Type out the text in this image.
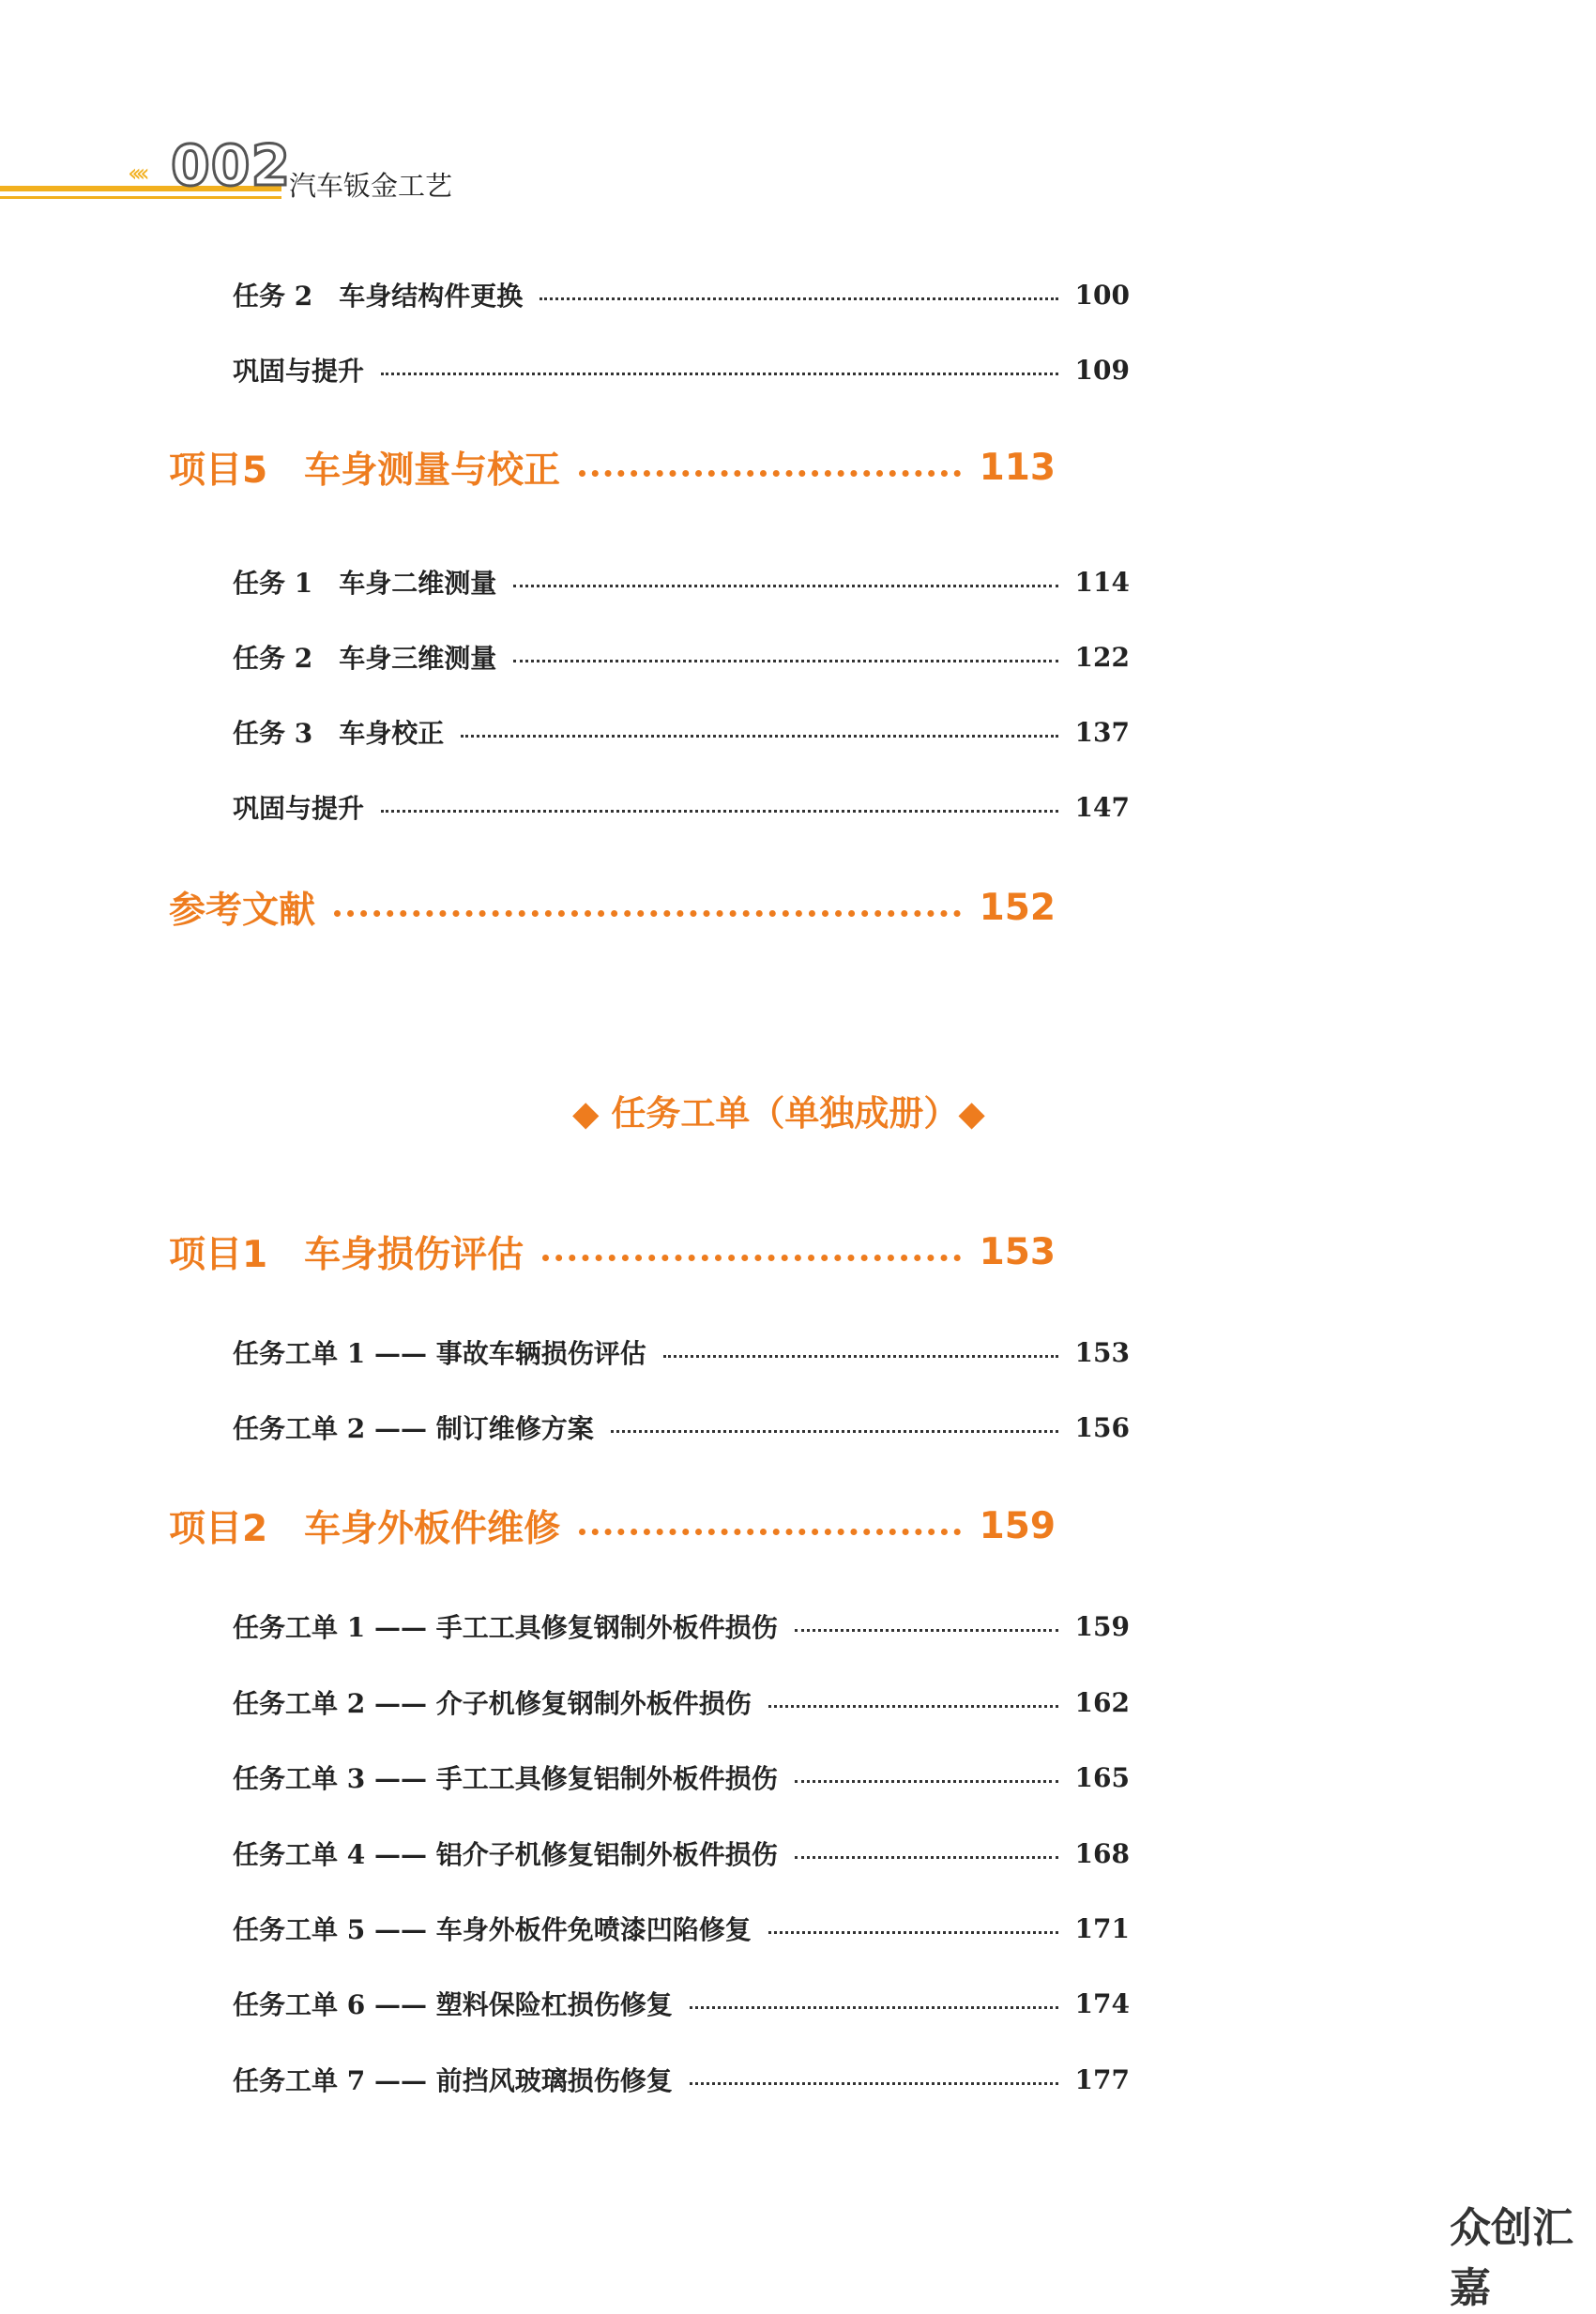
‹‹‹‹ 002
汽车钣金工艺
任务 2　车身结构件更换	100
巩固与提升	109
项目5　车身测量与校正	113
任务 1　车身二维测量	114
任务 2　车身三维测量	122
任务 3　车身校正	137
巩固与提升	147
参考文献	152
◆ 任务工单（单独成册）◆
项目1　车身损伤评估	153
任务工单 1 —— 事故车辆损伤评估	153
任务工单 2 —— 制订维修方案	156
项目2　车身外板件维修	159
任务工单 1 —— 手工工具修复钢制外板件损伤	159
任务工单 2 —— 介子机修复钢制外板件损伤	162
任务工单 3 —— 手工工具修复铝制外板件损伤	165
任务工单 4 —— 铝介子机修复铝制外板件损伤	168
任务工单 5 —— 车身外板件免喷漆凹陷修复	171
任务工单 6 —— 塑料保险杠损伤修复	174
任务工单 7 —— 前挡风玻璃损伤修复	177
众创汇嘉
